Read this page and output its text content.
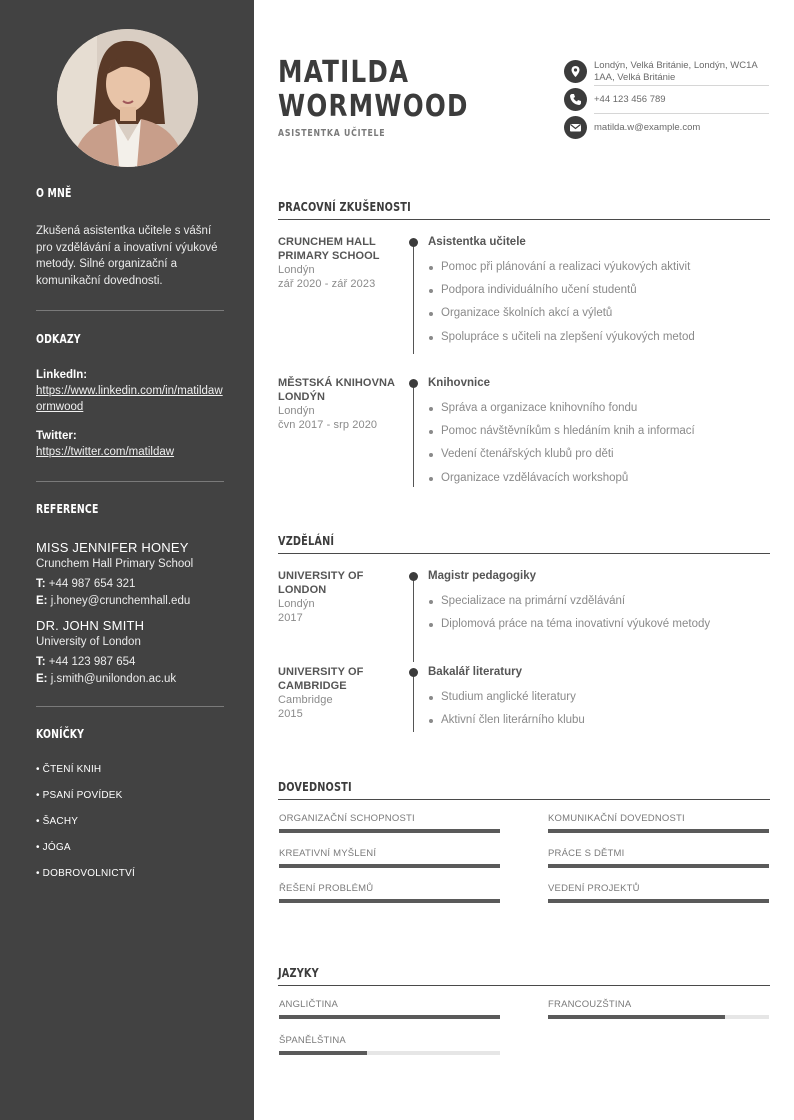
O MNĚ
Zkušená asistentka učitele s vášní pro vzdělávání a inovativní výukové metody. Silné organizační a komunikační dovednosti.
ODKAZY
LinkedIn:
https://www.linkedin.com/in/matildawormwood
Twitter:
https://twitter.com/matildaw
REFERENCE
MISS JENNIFER HONEY
Crunchem Hall Primary School
T: +44 987 654 321
E: j.honey@crunchemhall.edu
DR. JOHN SMITH
University of London
T: +44 123 987 654
E: j.smith@unilondon.ac.uk
KONÍČKY
• ČTENÍ KNIH
• PSANÍ POVÍDEK
• ŠACHY
• JÓGA
• DOBROVOLNICTVÍ
MATILDA
WORMWOOD
ASISTENTKA UČITELE
Londýn, Velká Británie, Londýn, WC1A 1AA, Velká Británie
+44 123 456 789
matilda.w@example.com
PRACOVNÍ ZKUŠENOSTI
CRUNCHEM HALL PRIMARY SCHOOL
Londýn
zář 2020 - zář 2023
Asistentka učitele
Pomoc při plánování a realizaci výukových aktivit
Podpora individuálního učení studentů
Organizace školních akcí a výletů
Spolupráce s učiteli na zlepšení výukových metod
MĚSTSKÁ KNIHOVNA LONDÝN
Londýn
čvn 2017 - srp 2020
Knihovnice
Správa a organizace knihovního fondu
Pomoc návštěvníkům s hledáním knih a informací
Vedení čtenářských klubů pro děti
Organizace vzdělávacích workshopů
VZDĚLÁNÍ
UNIVERSITY OF LONDON
Londýn
2017
Magistr pedagogiky
Specializace na primární vzdělávání
Diplomová práce na téma inovativní výukové metody
UNIVERSITY OF CAMBRIDGE
Cambridge
2015
Bakalář literatury
Studium anglické literatury
Aktivní člen literárního klubu
DOVEDNOSTI
ORGANIZAČNÍ SCHOPNOSTI	KOMUNIKAČNÍ DOVEDNOSTI
KREATIVNÍ MYŠLENÍ	PRÁCE S DĚTMI
ŘEŠENÍ PROBLÉMŮ	VEDENÍ PROJEKTŮ
JAZYKY
ANGLIČTINA	FRANCOUZŠTINA
ŠPANĚLŠTINA
